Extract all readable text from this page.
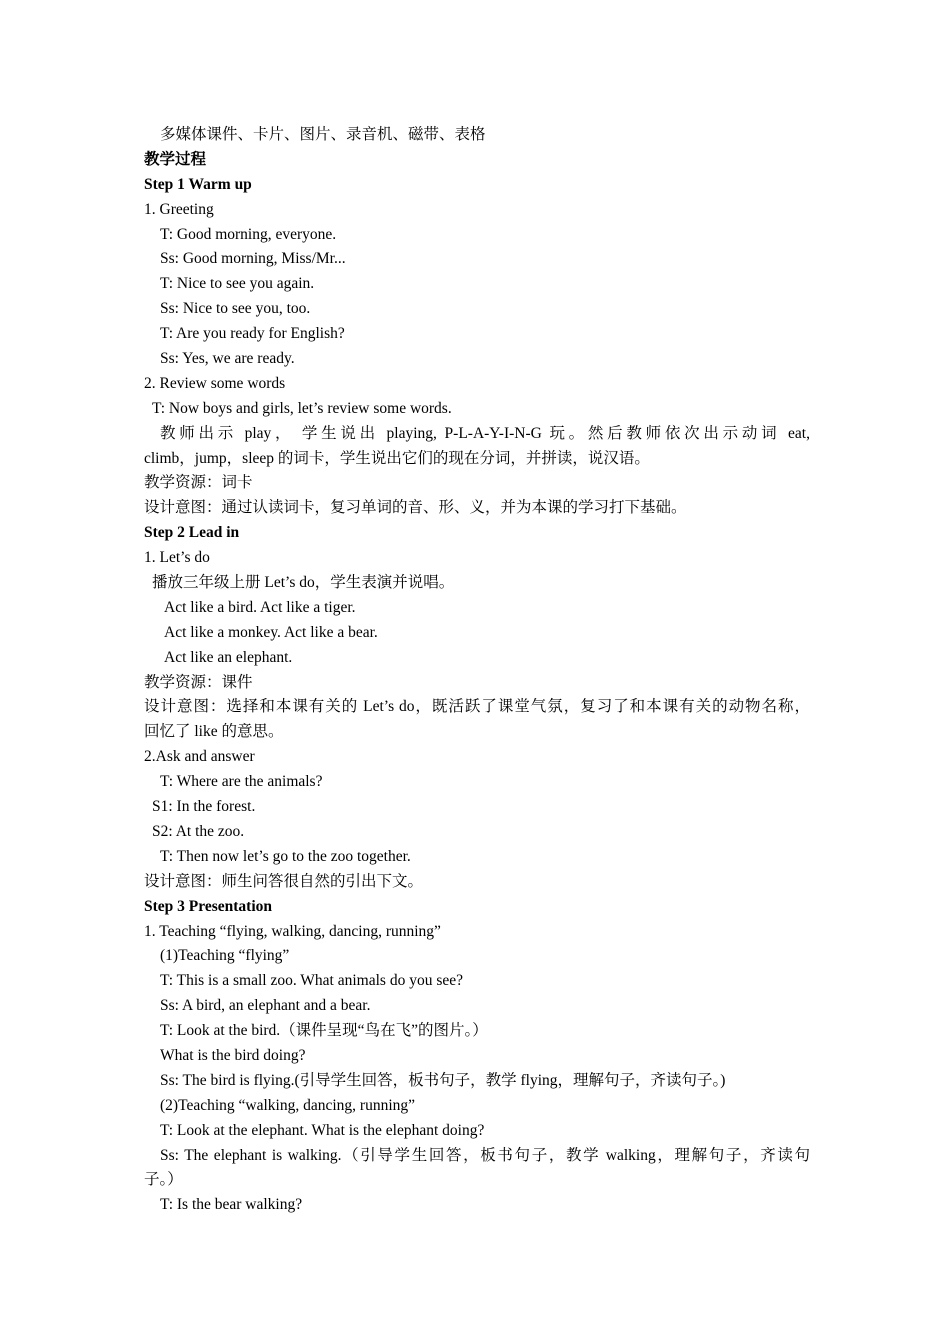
多媒体课件、卡片、图片、录音机、磁带、表格
教学过程
Step 1 Warm up
1. Greeting
T: Good morning, everyone.
Ss: Good morning, Miss/Mr...
T: Nice to see you again.
Ss: Nice to see you, too.
T: Are you ready for English?
Ss: Yes, we are ready.
2. Review some words
T: Now boys and girls, let’s review some words.
教师出示 play， 学生说出 playing, P-L-A-Y-I-N-G 玩。然后教师依次出示动词 eat,
climb，jump，sleep 的词卡，学生说出它们的现在分词，并拼读，说汉语。
教学资源：词卡
设计意图：通过认读词卡，复习单词的音、形、义，并为本课的学习打下基础。
Step 2 Lead in
1. Let’s do
播放三年级上册 Let’s do，学生表演并说唱。
Act like a bird. Act like a tiger.
Act like a monkey. Act like a bear.
Act like an elephant.
教学资源：课件
设计意图：选择和本课有关的 Let’s do，既活跃了课堂气氛，复习了和本课有关的动物名称，
回忆了 like 的意思。
2.Ask and answer
T: Where are the animals?
S1: In the forest.
S2: At the zoo.
T: Then now let’s go to the zoo together.
设计意图：师生问答很自然的引出下文。
Step 3 Presentation
1. Teaching “flying, walking, dancing, running”
(1)Teaching “flying”
T: This is a small zoo. What animals do you see?
Ss: A bird, an elephant and a bear.
T: Look at the bird.（课件呈现“鸟在飞”的图片。）
What is the bird doing?
Ss: The bird is flying.(引导学生回答，板书句子，教学 flying，理解句子，齐读句子。)
(2)Teaching “walking, dancing, running”
T: Look at the elephant. What is the elephant doing?
Ss: The elephant is walking.（引导学生回答，板书句子，教学 walking，理解句子，齐读句
子。）
T: Is the bear walking?
